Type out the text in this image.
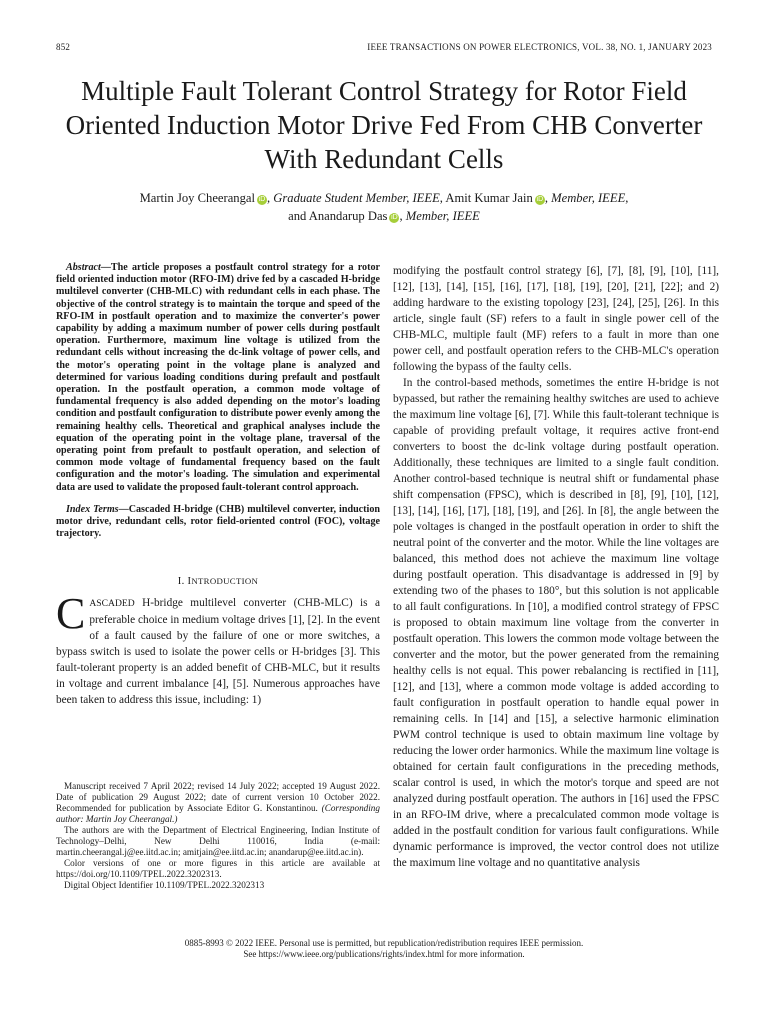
852	IEEE TRANSACTIONS ON POWER ELECTRONICS, VOL. 38, NO. 1, JANUARY 2023
Multiple Fault Tolerant Control Strategy for Rotor Field Oriented Induction Motor Drive Fed From CHB Converter With Redundant Cells
Martin Joy Cheerangal iD , Graduate Student Member, IEEE, Amit Kumar Jain iD , Member, IEEE,
and Anandarup Das iD , Member, IEEE

Abstract—The article proposes a postfault control strategy for a rotor field oriented induction motor (RFO-IM) drive fed by a cascaded H-bridge multilevel converter (CHB-MLC) with redundant cells in each phase. The objective of the control strategy is to maintain the torque and speed of the RFO-IM in postfault operation and to maximize the converter's power capability by adding a maximum number of power cells during postfault operation. Furthermore, maximum line voltage is utilized from the redundant cells without increasing the dc-link voltage of power cells, and the motor's operating point in the voltage plane is analyzed and determined for various loading conditions during prefault and postfault operation. In the postfault operation, a common mode voltage of fundamental frequency is also added depending on the motor's loading condition and postfault configuration to distribute power evenly among the remaining healthy cells. Theoretical and graphical analyses include the equation of the operating point in the voltage plane, traversal of the operating point from prefault to postfault operation, and selection of common mode voltage of fundamental frequency based on the fault configuration and the motor's loading. The simulation and experimental data are used to validate the proposed fault-tolerant control approach.

Index Terms—Cascaded H-bridge (CHB) multilevel converter, induction motor drive, redundant cells, rotor field-oriented control (FOC), voltage trajectory.

I. INTRODUCTION

CASCADED H-bridge multilevel converter (CHB-MLC) is a preferable choice in medium voltage drives [1], [2]. In the event of a fault caused by the failure of one or more switches, a bypass switch is used to isolate the power cells or H-bridges [3]. This fault-tolerant property is an added benefit of CHB-MLC, but it results in voltage and current imbalance [4], [5]. Numerous approaches have been taken to address this issue, including: 1)

Manuscript received 7 April 2022; revised 14 July 2022; accepted 19 August 2022. Date of publication 29 August 2022; date of current version 10 October 2022. Recommended for publication by Associate Editor G. Konstantinou. (Corresponding author: Martin Joy Cheerangal.)

The authors are with the Department of Electrical Engineering, Indian Institute of Technology–Delhi, New Delhi 110016, India (e-mail: martin.cheerangal.j@ee.iitd.ac.in; amitjain@ee.iitd.ac.in; anandarup@ee.iitd.ac.in).

Color versions of one or more figures in this article are available at https://doi.org/10.1109/TPEL.2022.3202313.

Digital Object Identifier 10.1109/TPEL.2022.3202313

modifying the postfault control strategy [6], [7], [8], [9], [10], [11], [12], [13], [14], [15], [16], [17], [18], [19], [20], [21], [22]; and 2) adding hardware to the existing topology [23], [24], [25], [26]. In this article, single fault (SF) refers to a fault in single power cell of the CHB-MLC, multiple fault (MF) refers to a fault in more than one power cell, and postfault operation refers to the CHB-MLC's operation following the bypass of the faulty cells.

In the control-based methods, sometimes the entire H-bridge is not bypassed, but rather the remaining healthy switches are used to achieve the maximum line voltage [6], [7]. While this fault-tolerant technique is capable of providing prefault voltage, it requires active front-end converters to boost the dc-link voltage during postfault operation. Additionally, these techniques are limited to a single fault condition. Another control-based technique is neutral shift or fundamental phase shift compensation (FPSC), which is described in [8], [9], [10], [12], [13], [14], [16], [17], [18], [19], and [26]. In [8], the angle between the pole voltages is changed in the postfault operation in order to shift the neutral point of the converter and the motor. While the line voltages are balanced, this method does not achieve the maximum line voltage during postfault operation. This disadvantage is addressed in [9] by extending two of the phases to 180°, but this solution is not applicable to all fault configurations. In [10], a modified control strategy of FPSC is proposed to obtain maximum line voltage from the converter in postfault operation. This lowers the common mode voltage between the converter and the motor, but the power generated from the remaining healthy cells is not equal. This power rebalancing is rectified in [11], [12], and [13], where a common mode voltage is added according to fault configuration in postfault operation to handle equal power in remaining cells. In [14] and [15], a selective harmonic elimination PWM control technique is used to obtain maximum line voltage by reducing the lower order harmonics. While the maximum line voltage is obtained for certain fault configurations in the preceding methods, scalar control is used, in which the motor's torque and speed are not analyzed during postfault operation. The authors in [16] used the FPSC in an RFO-IM drive, where a precalculated common mode voltage is added in the postfault condition for various fault configurations. While dynamic performance is improved, the vector control does not utilize the maximum line voltage and no quantitative analysis

0885-8993 © 2022 IEEE. Personal use is permitted, but republication/redistribution requires IEEE permission.
See https://www.ieee.org/publications/rights/index.html for more information.
